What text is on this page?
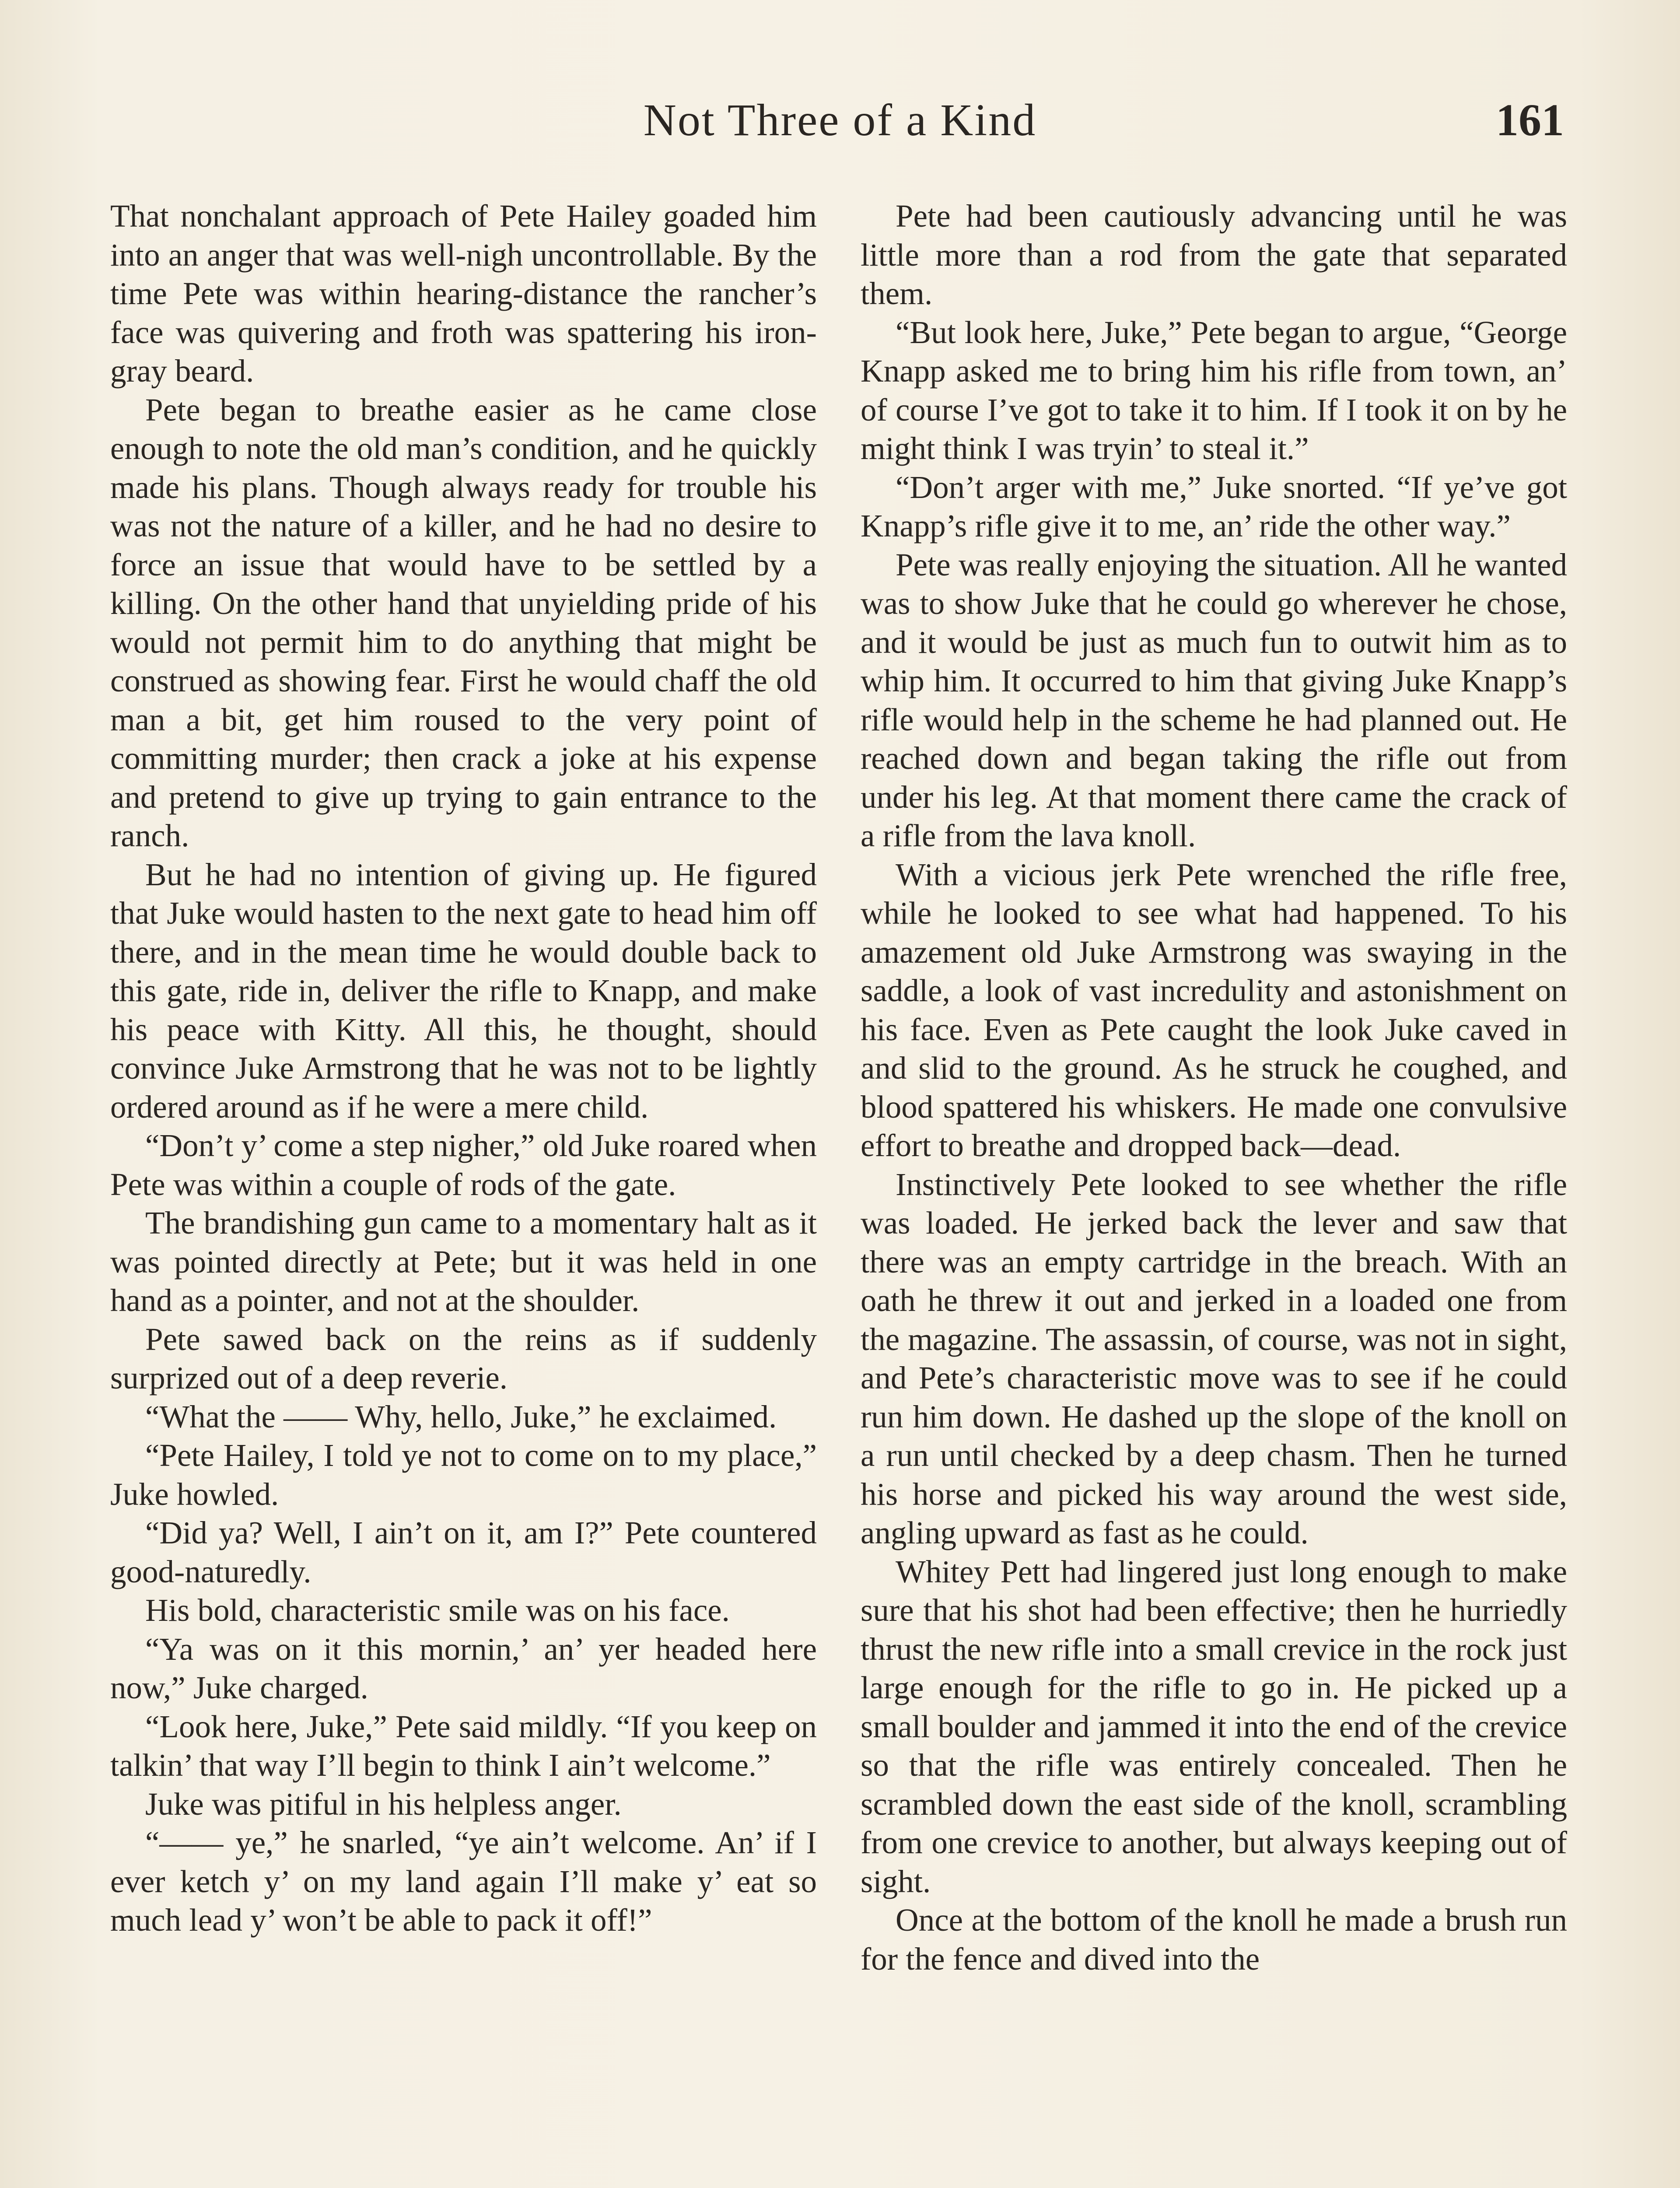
Not Three of a Kind	161

That nonchalant approach of Pete Hailey goaded him into an anger that was well-nigh uncontrollable. By the time Pete was within hearing-distance the rancher’s face was quivering and froth was spattering his iron-gray beard.

Pete began to breathe easier as he came close enough to note the old man’s condition, and he quickly made his plans. Though always ready for trouble his was not the nature of a killer, and he had no desire to force an issue that would have to be settled by a killing. On the other hand that unyielding pride of his would not permit him to do anything that might be construed as showing fear. First he would chaff the old man a bit, get him roused to the very point of committing murder; then crack a joke at his expense and pretend to give up trying to gain entrance to the ranch.

But he had no intention of giving up. He figured that Juke would hasten to the next gate to head him off there, and in the mean time he would double back to this gate, ride in, deliver the rifle to Knapp, and make his peace with Kitty. All this, he thought, should convince Juke Armstrong that he was not to be lightly ordered around as if he were a mere child.

“Don’t y’ come a step nigher,” old Juke roared when Pete was within a couple of rods of the gate.

The brandishing gun came to a momentary halt as it was pointed directly at Pete; but it was held in one hand as a pointer, and not at the shoulder.

Pete sawed back on the reins as if suddenly surprized out of a deep reverie.

“What the —— Why, hello, Juke,” he exclaimed.

“Pete Hailey, I told ye not to come on to my place,” Juke howled.

“Did ya? Well, I ain’t on it, am I?” Pete countered good-naturedly.

His bold, characteristic smile was on his face.

“Ya was on it this mornin,’ an’ yer headed here now,” Juke charged.

“Look here, Juke,” Pete said mildly. “If you keep on talkin’ that way I’ll begin to think I ain’t welcome.”

Juke was pitiful in his helpless anger.

“—— ye,” he snarled, “ye ain’t welcome. An’ if I ever ketch y’ on my land again I’ll make y’ eat so much lead y’ won’t be able to pack it off!”

Pete had been cautiously advancing until he was little more than a rod from the gate that separated them.

“But look here, Juke,” Pete began to argue, “George Knapp asked me to bring him his rifle from town, an’ of course I’ve got to take it to him. If I took it on by he might think I was tryin’ to steal it.”

“Don’t arger with me,” Juke snorted. “If ye’ve got Knapp’s rifle give it to me, an’ ride the other way.”

Pete was really enjoying the situation. All he wanted was to show Juke that he could go wherever he chose, and it would be just as much fun to outwit him as to whip him. It occurred to him that giving Juke Knapp’s rifle would help in the scheme he had planned out. He reached down and began taking the rifle out from under his leg. At that moment there came the crack of a rifle from the lava knoll.

With a vicious jerk Pete wrenched the rifle free, while he looked to see what had happened. To his amazement old Juke Armstrong was swaying in the saddle, a look of vast incredulity and astonishment on his face. Even as Pete caught the look Juke caved in and slid to the ground. As he struck he coughed, and blood spattered his whiskers. He made one convulsive effort to breathe and dropped back—dead.

Instinctively Pete looked to see whether the rifle was loaded. He jerked back the lever and saw that there was an empty cartridge in the breach. With an oath he threw it out and jerked in a loaded one from the magazine. The assassin, of course, was not in sight, and Pete’s characteristic move was to see if he could run him down. He dashed up the slope of the knoll on a run until checked by a deep chasm. Then he turned his horse and picked his way around the west side, angling upward as fast as he could.

Whitey Pett had lingered just long enough to make sure that his shot had been effective; then he hurriedly thrust the new rifle into a small crevice in the rock just large enough for the rifle to go in. He picked up a small boulder and jammed it into the end of the crevice so that the rifle was entirely concealed. Then he scrambled down the east side of the knoll, scrambling from one crevice to another, but always keeping out of sight.

Once at the bottom of the knoll he made a brush run for the fence and dived into the
